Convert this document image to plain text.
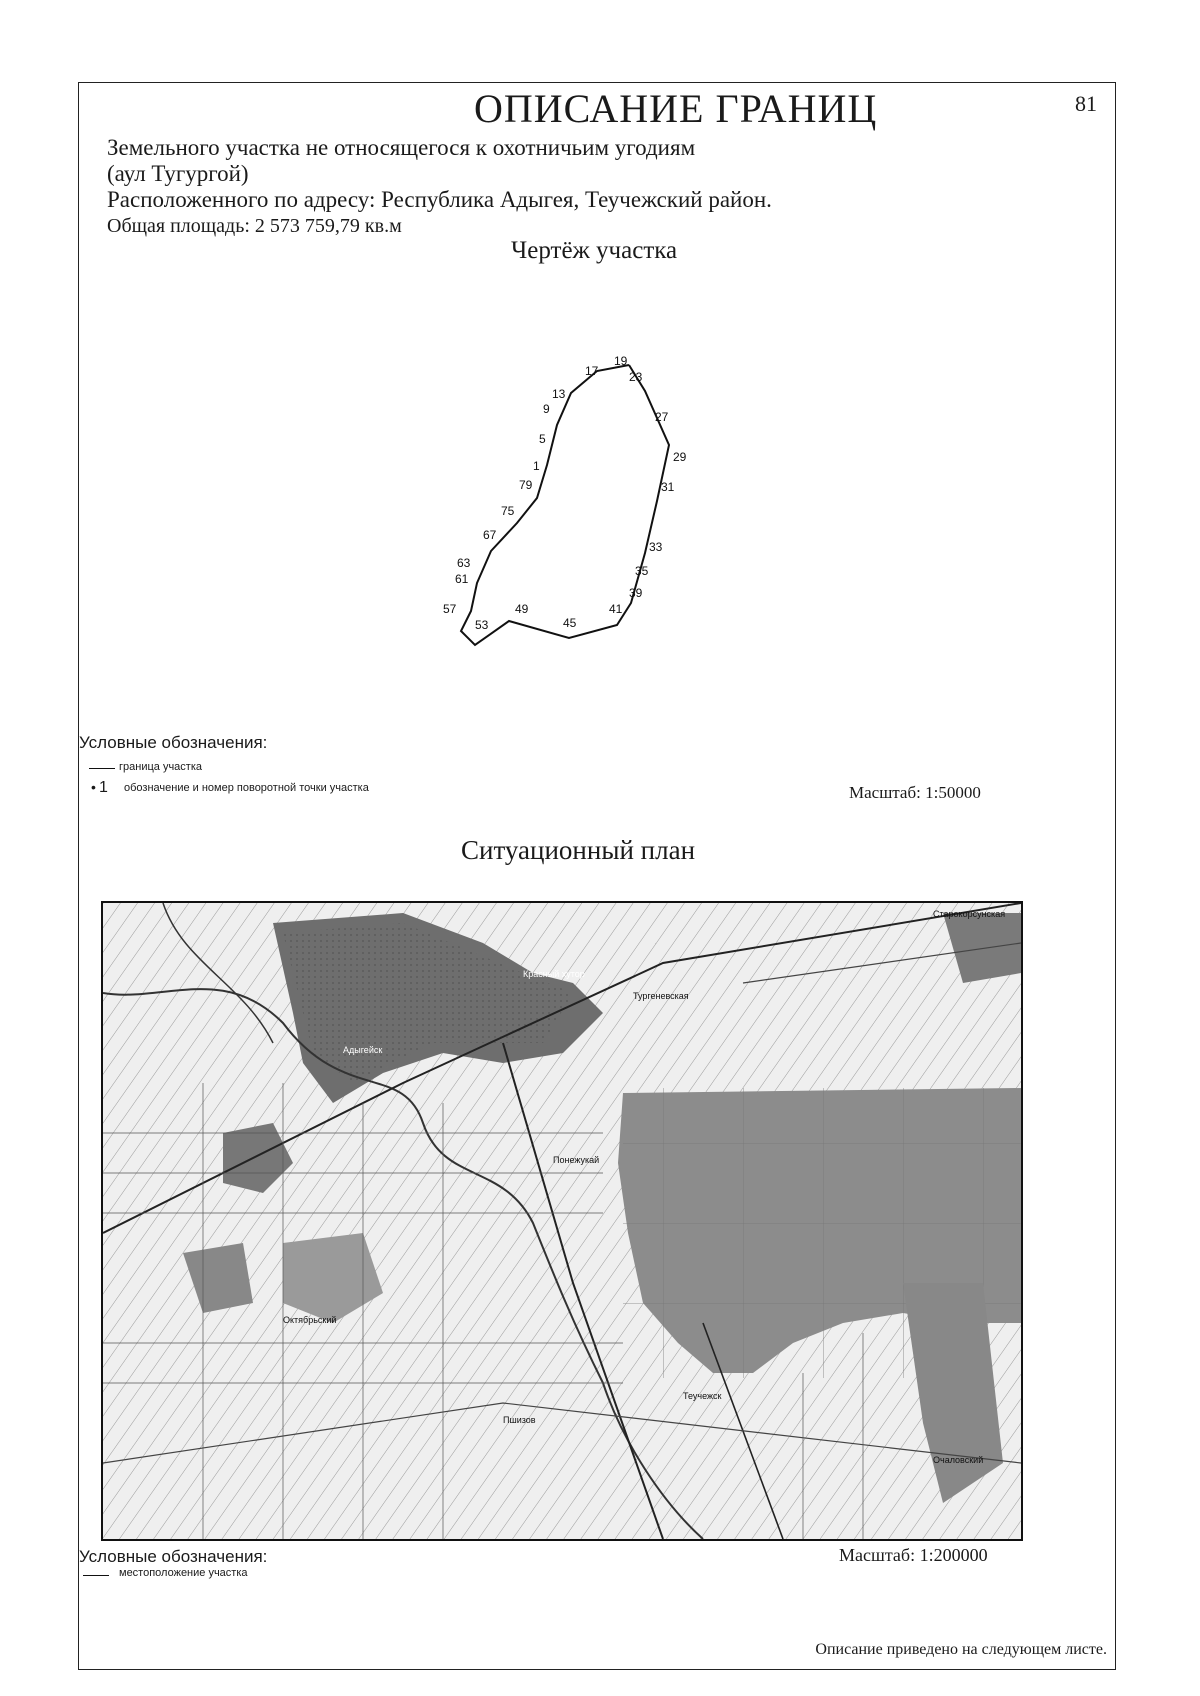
ОПИСАНИЕ ГРАНИЦ	81
Земельного участка не относящегося к охотничьим угодиям
(аул Тугургой)
Расположенного по адресу: Республика Адыгея, Теучежский район.
Общая площадь: 2 573 759,79 кв.м
Чертёж участка
19
17	23
13
9
27
5
29
1
79	31
75
67
33
63
35
61
39
57	49	41
45
53
Условные обозначения:
граница участка
• 1 обозначение и номер поворотной точки участка	Масштаб: 1:50000
Ситуационный план
Старокорсунская
Красный хутор
Тургеневская
Адыгейск
Теучежск
Пшизов
Октябрьский
Понежукай
Очаловский
Условные обозначения:
местоположение участка
Масштаб: 1:200000
Описание приведено на следующем листе.
